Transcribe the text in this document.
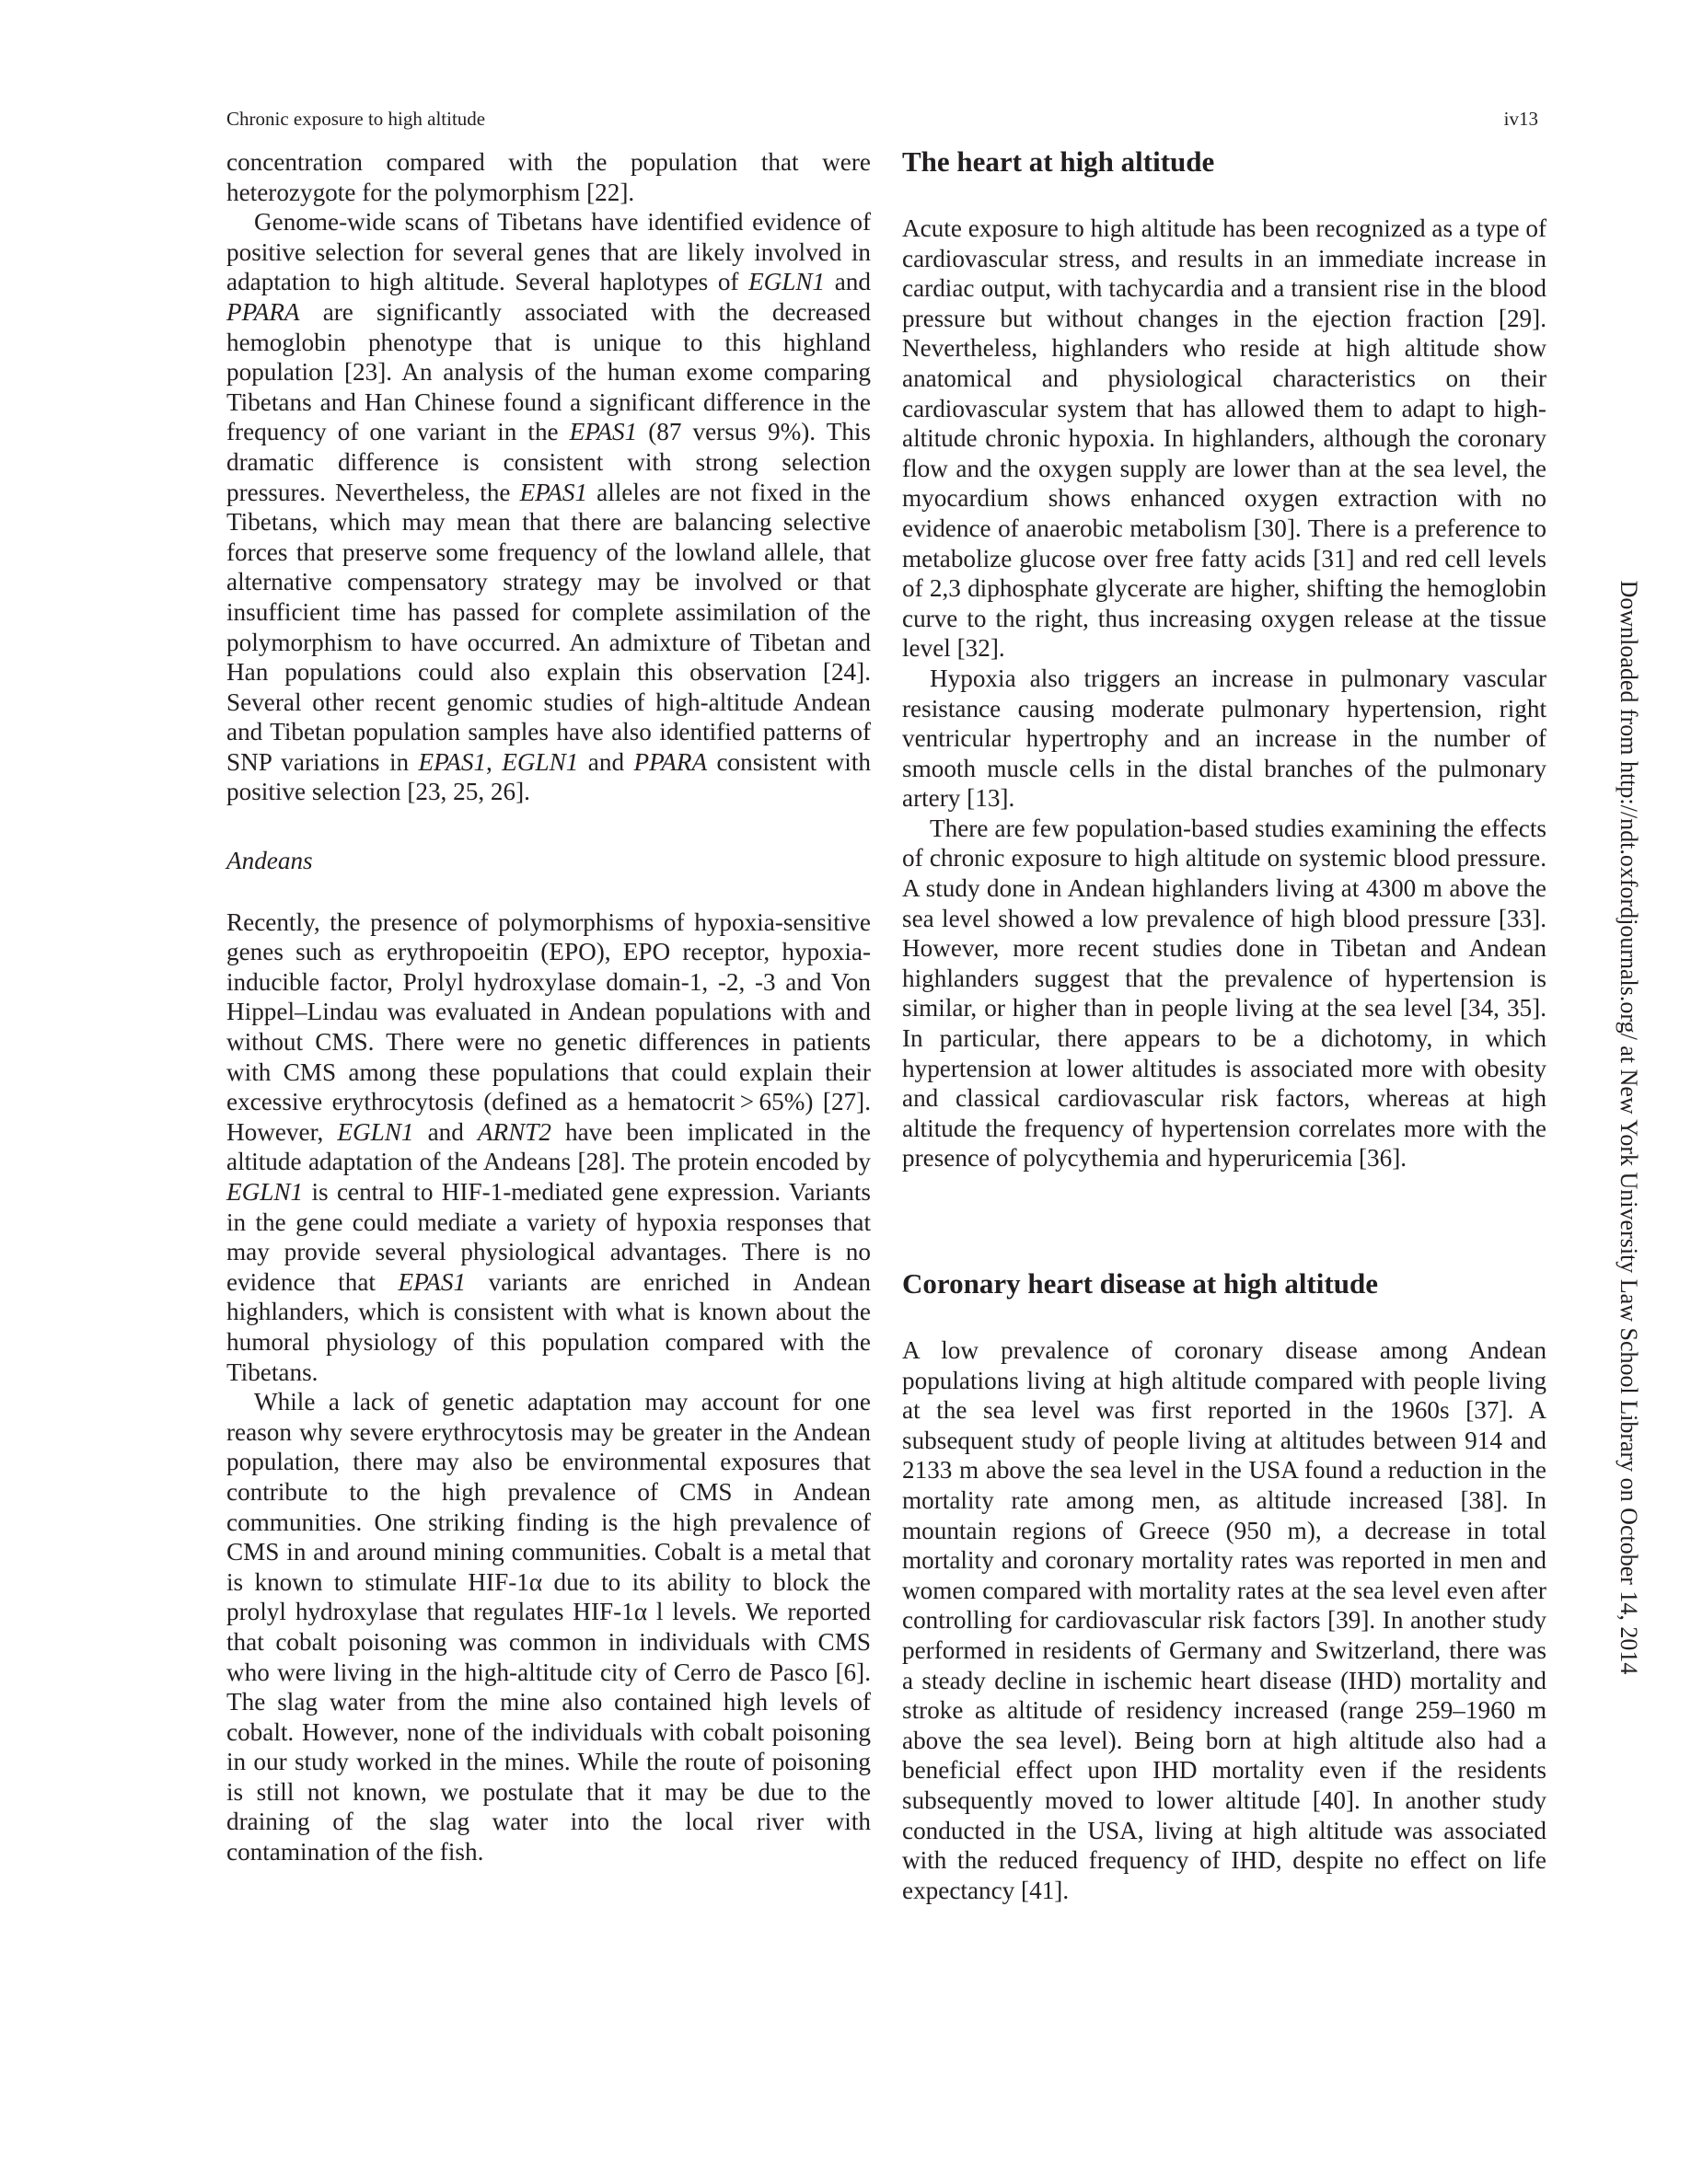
Chronic exposure to high altitude	iv13

concentration compared with the population that were heterozygote for the polymorphism [22].

Genome-wide scans of Tibetans have identified evidence of positive selection for several genes that are likely involved in adaptation to high altitude. Several haplotypes of EGLN1 and PPARA are significantly associated with the decreased hemoglobin phenotype that is unique to this highland population [23]. An analysis of the human exome comparing Tibetans and Han Chinese found a significant difference in the frequency of one variant in the EPAS1 (87 versus 9%). This dramatic difference is consistent with strong selection pressures. Nevertheless, the EPAS1 alleles are not fixed in the Tibetans, which may mean that there are balancing selective forces that preserve some frequency of the lowland allele, that alternative compensatory strategy may be involved or that insufficient time has passed for complete assimilation of the polymorphism to have occurred. An admixture of Tibetan and Han populations could also explain this observation [24]. Several other recent genomic studies of high-altitude Andean and Tibetan population samples have also identified patterns of SNP variations in EPAS1, EGLN1 and PPARA consistent with positive selection [23, 25, 26].

Andeans

Recently, the presence of polymorphisms of hypoxia-sensitive genes such as erythropoeitin (EPO), EPO receptor, hypoxia-inducible factor, Prolyl hydroxylase domain-1, -2, -3 and Von Hippel–Lindau was evaluated in Andean populations with and without CMS. There were no genetic differences in patients with CMS among these populations that could explain their excessive erythrocytosis (defined as a hematocrit > 65%) [27]. However, EGLN1 and ARNT2 have been implicated in the altitude adaptation of the Andeans [28]. The protein encoded by EGLN1 is central to HIF-1-mediated gene expression. Variants in the gene could mediate a variety of hypoxia responses that may provide several physiological advantages. There is no evidence that EPAS1 variants are enriched in Andean highlanders, which is consistent with what is known about the humoral physiology of this population compared with the Tibetans.

While a lack of genetic adaptation may account for one reason why severe erythrocytosis may be greater in the Andean population, there may also be environmental exposures that contribute to the high prevalence of CMS in Andean communities. One striking finding is the high prevalence of CMS in and around mining communities. Cobalt is a metal that is known to stimulate HIF-1α due to its ability to block the prolyl hydroxylase that regulates HIF-1α l levels. We reported that cobalt poisoning was common in individuals with CMS who were living in the high-altitude city of Cerro de Pasco [6]. The slag water from the mine also contained high levels of cobalt. However, none of the individuals with cobalt poisoning in our study worked in the mines. While the route of poisoning is still not known, we postulate that it may be due to the draining of the slag water into the local river with contamination of the fish.

The heart at high altitude

Acute exposure to high altitude has been recognized as a type of cardiovascular stress, and results in an immediate increase in cardiac output, with tachycardia and a transient rise in the blood pressure but without changes in the ejection fraction [29]. Nevertheless, highlanders who reside at high altitude show anatomical and physiological characteristics on their cardiovascular system that has allowed them to adapt to high-altitude chronic hypoxia. In highlanders, although the coronary flow and the oxygen supply are lower than at the sea level, the myocardium shows enhanced oxygen extraction with no evidence of anaerobic metabolism [30]. There is a preference to metabolize glucose over free fatty acids [31] and red cell levels of 2,3 diphosphate glycerate are higher, shifting the hemoglobin curve to the right, thus increasing oxygen release at the tissue level [32].

Hypoxia also triggers an increase in pulmonary vascular resistance causing moderate pulmonary hypertension, right ventricular hypertrophy and an increase in the number of smooth muscle cells in the distal branches of the pulmonary artery [13].

There are few population-based studies examining the effects of chronic exposure to high altitude on systemic blood pressure. A study done in Andean highlanders living at 4300 m above the sea level showed a low prevalence of high blood pressure [33]. However, more recent studies done in Tibetan and Andean highlanders suggest that the prevalence of hypertension is similar, or higher than in people living at the sea level [34, 35]. In particular, there appears to be a dichotomy, in which hypertension at lower altitudes is associated more with obesity and classical cardiovascular risk factors, whereas at high altitude the frequency of hypertension correlates more with the presence of polycythemia and hyperuricemia [36].

Coronary heart disease at high altitude

A low prevalence of coronary disease among Andean populations living at high altitude compared with people living at the sea level was first reported in the 1960s [37]. A subsequent study of people living at altitudes between 914 and 2133 m above the sea level in the USA found a reduction in the mortality rate among men, as altitude increased [38]. In mountain regions of Greece (950 m), a decrease in total mortality and coronary mortality rates was reported in men and women compared with mortality rates at the sea level even after controlling for cardiovascular risk factors [39]. In another study performed in residents of Germany and Switzerland, there was a steady decline in ischemic heart disease (IHD) mortality and stroke as altitude of residency increased (range 259–1960 m above the sea level). Being born at high altitude also had a beneficial effect upon IHD mortality even if the residents subsequently moved to lower altitude [40]. In another study conducted in the USA, living at high altitude was associated with the reduced frequency of IHD, despite no effect on life expectancy [41].

Downloaded from http://ndt.oxfordjournals.org/ at New York University Law School Library on October 14, 2014
